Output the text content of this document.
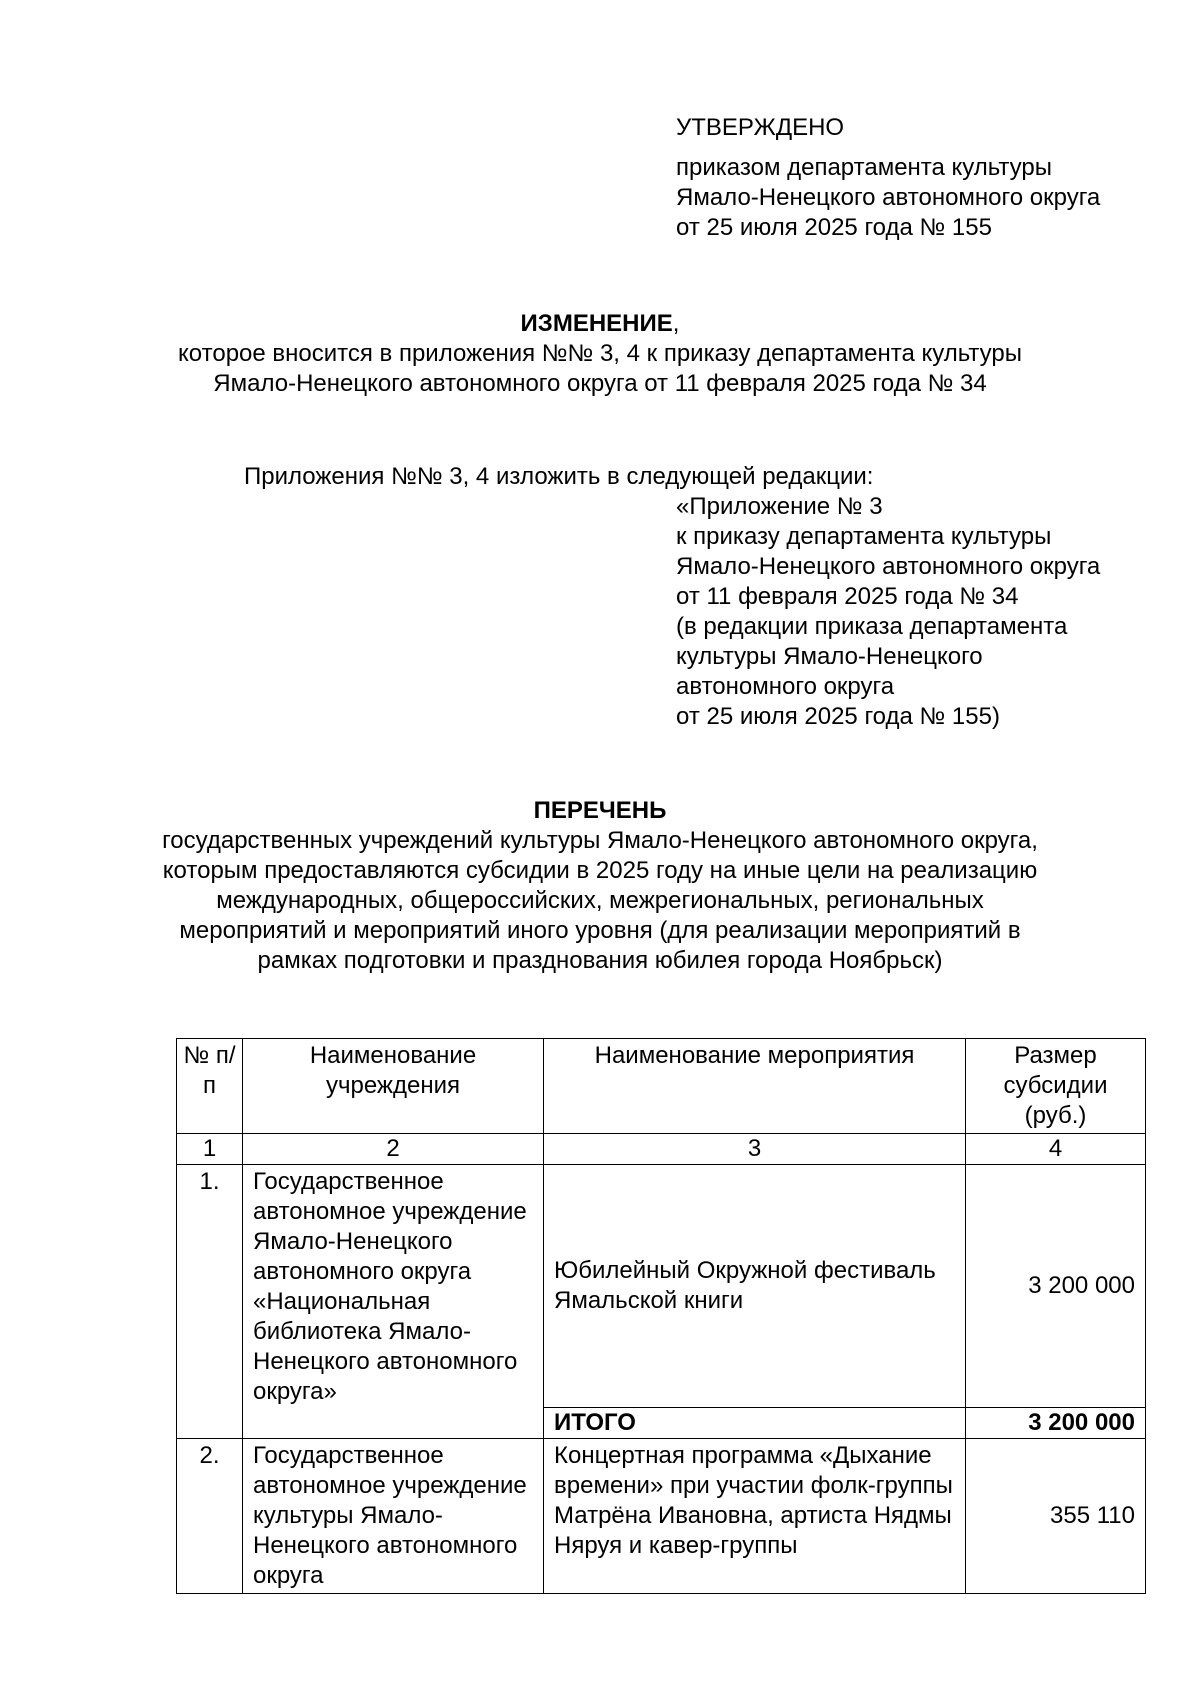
УТВЕРЖДЕНО
приказом департамента культуры
Ямало-Ненецкого автономного округа
от 25 июля 2025 года № 155
ИЗМЕНЕНИЕ,
которое вносится в приложения №№ 3, 4 к приказу департамента культуры
Ямало-Ненецкого автономного округа от 11 февраля 2025 года № 34
Приложения №№ 3, 4 изложить в следующей редакции:
«Приложение № 3
к приказу департамента культуры
Ямало-Ненецкого автономного округа
от 11 февраля 2025 года № 34
(в редакции приказа департамента
культуры Ямало-Ненецкого
автономного округа
от 25 июля 2025 года № 155)
ПЕРЕЧЕНЬ
государственных учреждений культуры Ямало-Ненецкого автономного округа,
которым предоставляются субсидии в 2025 году на иные цели на реализацию
международных, общероссийских, межрегиональных, региональных
мероприятий и мероприятий иного уровня (для реализации мероприятий в
рамках подготовки и празднования юбилея города Ноябрьск)
№ п/п	Наименование учреждения	Наименование мероприятия	Размер субсидии (руб.)
1	2	3	4
1.	Государственное автономное учреждение Ямало-Ненецкого автономного округа «Национальная библиотека Ямало-Ненецкого автономного округа»	Юбилейный Окружной фестиваль Ямальской книги	3 200 000
		ИТОГО	3 200 000
2.	Государственное автономное учреждение культуры Ямало-Ненецкого автономного округа	Концертная программа «Дыхание времени» при участии фолк-группы Матрёна Ивановна, артиста Нядмы Няруя и кавер-группы	355 110
